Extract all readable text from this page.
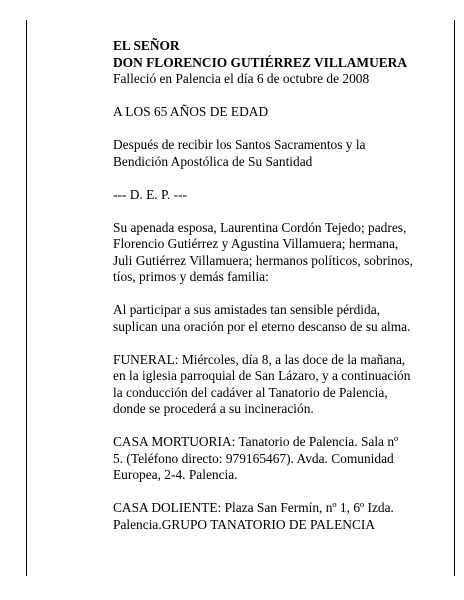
EL SEÑOR
DON FLORENCIO GUTIÉRREZ VILLAMUERA
Falleció en Palencia el día 6 de octubre de 2008

A LOS 65 AÑOS DE EDAD

Después de recibir los Santos Sacramentos y la
Bendición Apostólica de Su Santidad

--- D. E. P. ---

Su apenada esposa, Laurentina Cordón Tejedo; padres,
Florencio Gutiérrez y Agustina Villamuera; hermana,
Juli Gutiérrez Villamuera; hermanos políticos, sobrinos,
tíos, primos y demás familia:

Al participar a sus amistades tan sensible pérdida,
suplican una oración por el eterno descanso de su alma.

FUNERAL: Miércoles, día 8, a las doce de la mañana,
en la iglesia parroquial de San Lázaro, y a continuación
la conducción del cadáver al Tanatorio de Palencia,
donde se procederá a su incineración.

CASA MORTUORIA: Tanatorio de Palencia. Sala nº
5. (Teléfono directo: 979165467). Avda. Comunidad
Europea, 2-4. Palencia.

CASA DOLIENTE: Plaza San Fermín, nº 1, 6º Izda.
Palencia.GRUPO TANATORIO DE PALENCIA
